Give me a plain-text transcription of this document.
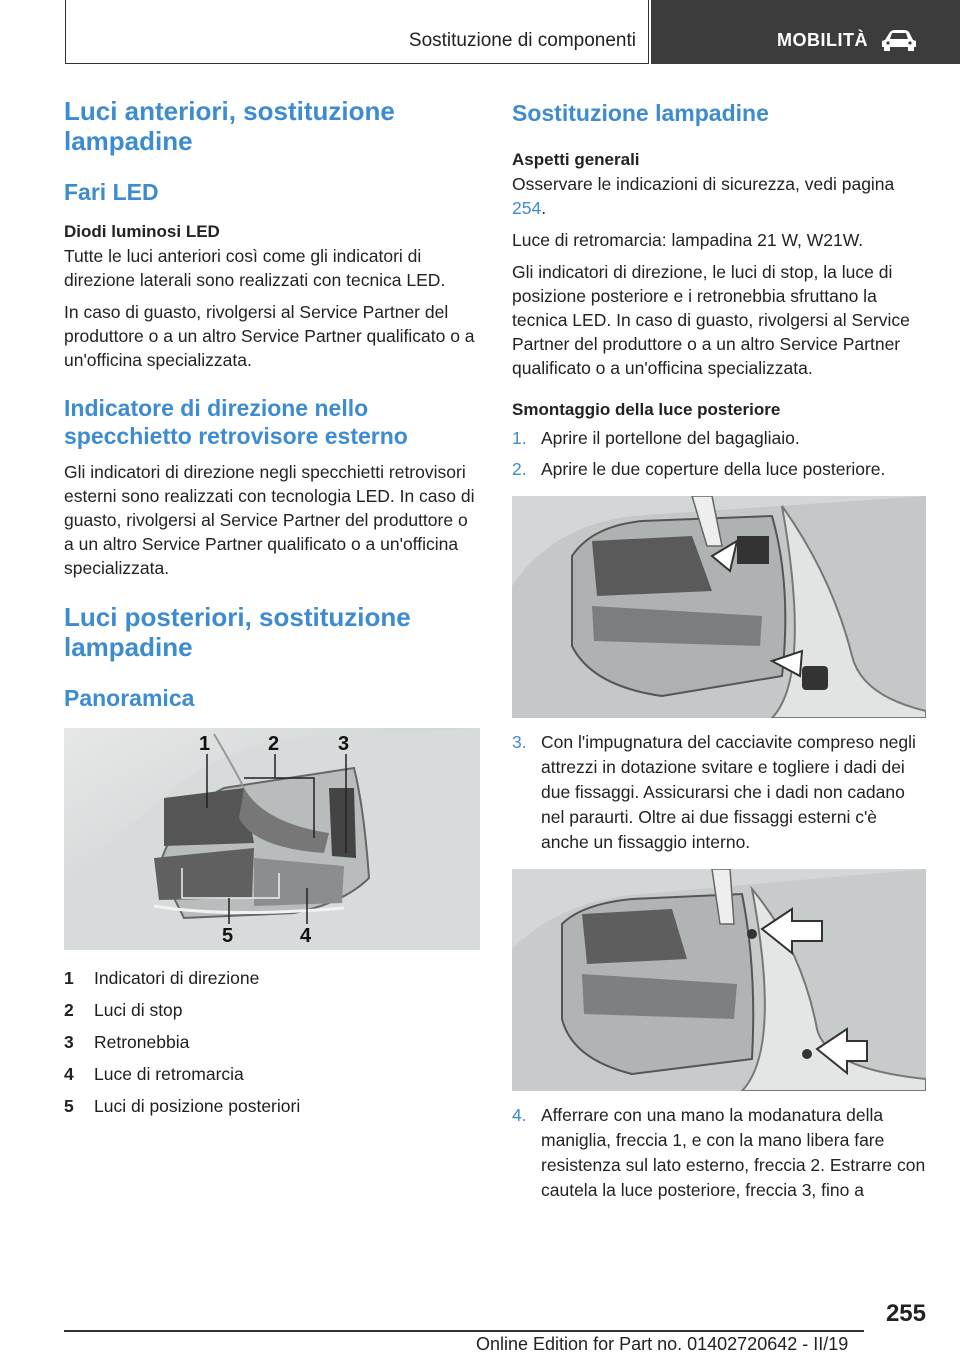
Sostituzione di componenti	MOBILITÀ
Luci anteriori, sostituzione lampadine
Fari LED
Diodi luminosi LED

Tutte le luci anteriori così come gli indicatori di direzione laterali sono realizzati con tecnica LED.

In caso di guasto, rivolgersi al Service Partner del produttore o a un altro Service Partner qualificato o a un'officina specializzata.

Indicatore di direzione nello specchietto retrovisore esterno

Gli indicatori di direzione negli specchietti retrovisori esterni sono realizzati con tecnologia LED. In caso di guasto, rivolgersi al Service Partner del produttore o a un altro Service Partner qualificato o a un'officina specializzata.

Luci posteriori, sostituzione lampadine
Panoramica
1	2	3
4
5
1	Indicatori di direzione
2	Luci di stop
3	Retronebbia
4	Luce di retromarcia
5	Luci di posizione posteriori
Sostituzione lampadine
Aspetti generali

Osservare le indicazioni di sicurezza, vedi pagina 254.

Luce di retromarcia: lampadina 21 W, W21W.

Gli indicatori di direzione, le luci di stop, la luce di posizione posteriore e i retronebbia sfruttano la tecnica LED. In caso di guasto, rivolgersi al Service Partner del produttore o a un altro Service Partner qualificato o a un'officina specializzata.

Smontaggio della luce posteriore
1. Aprire il portellone del bagagliaio.
2. Aprire le due coperture della luce posteriore.
3. Con l'impugnatura del cacciavite compreso negli attrezzi in dotazione svitare e togliere i dadi dei due fissaggi. Assicurarsi che i dadi non cadano nel paraurti. Oltre ai due fissaggi esterni c'è anche un fissaggio interno.
4. Afferrare con una mano la modanatura della maniglia, freccia 1, e con la mano libera fare resistenza sul lato esterno, freccia 2. Estrarre con cautela la luce posteriore, freccia 3, fino a
255
Online Edition for Part no. 01402720642 - II/19
